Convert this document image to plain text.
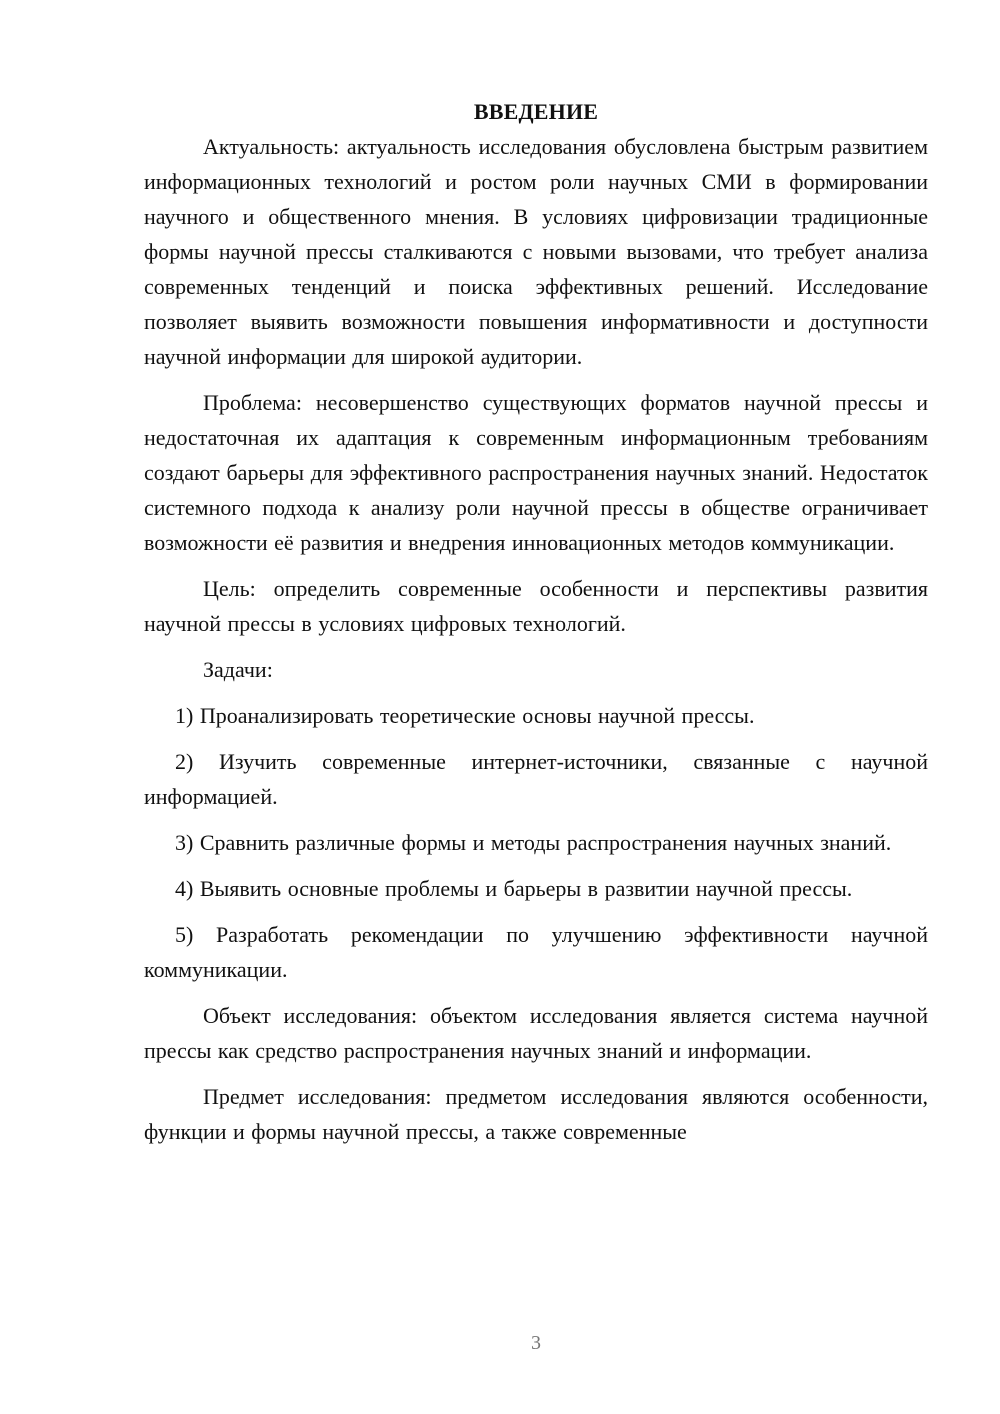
ВВЕДЕНИЕ

Актуальность: актуальность исследования обусловлена быстрым развитием информационных технологий и ростом роли научных СМИ в формировании научного и общественного мнения. В условиях цифровизации традиционные формы научной прессы сталкиваются с новыми вызовами, что требует анализа современных тенденций и поиска эффективных решений. Исследование позволяет выявить возможности повышения информативности и доступности научной информации для широкой аудитории.

Проблема: несовершенство существующих форматов научной прессы и недостаточная их адаптация к современным информационным требованиям создают барьеры для эффективного распространения научных знаний. Недостаток системного подхода к анализу роли научной прессы в обществе ограничивает возможности её развития и внедрения инновационных методов коммуникации.

Цель: определить современные особенности и перспективы развития научной прессы в условиях цифровых технологий.

Задачи:

1) Проанализировать теоретические основы научной прессы.

2) Изучить современные интернет-источники, связанные с научной информацией.

3) Сравнить различные формы и методы распространения научных знаний.

4) Выявить основные проблемы и барьеры в развитии научной прессы.

5) Разработать рекомендации по улучшению эффективности научной коммуникации.

Объект исследования: объектом исследования является система научной прессы как средство распространения научных знаний и информации.

Предмет исследования: предметом исследования являются особенности, функции и формы научной прессы, а также современные

3
